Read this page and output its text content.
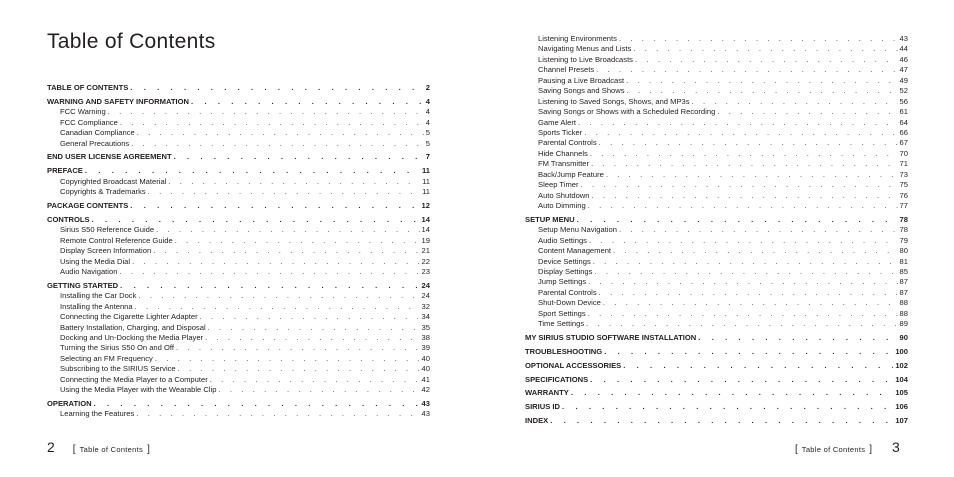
Table of Contents
TABLE OF CONTENTS . . .	2
WARNING AND SAFETY INFORMATION . . .	4
FCC Warning . . .	4
FCC Compliance . . .	4
Canadian Compliance . . .	5
General Precautions . . .	5
END USER LICENSE AGREEMENT . . .	7
PREFACE . . .	11
Copyrighted Broadcast Material . . .	11
Copyrights & Trademarks . . .	11
PACKAGE CONTENTS . . .	12
CONTROLS . . .	14
Sirius S50 Reference Guide . . .	14
Remote Control Reference Guide . . .	19
Display Screen Information . . .	21
Using the Media Dial . . .	22
Audio Navigation . . .	23
GETTING STARTED . . .	24
Installing the Car Dock . . .	24
Installing the Antenna . . .	32
Connecting the Cigarette Lighter Adapter . . .	34
Battery Installation, Charging, and Disposal . . .	35
Docking and Un-Docking the Media Player . . .	38
Turning the Sirius S50 On and Off . . .	39
Selecting an FM Frequency . . .	40
Subscribing to the SIRIUS Service . . .	40
Connecting the Media Player to a Computer . . .	41
Using the Media Player with the Wearable Clip . . .	42
OPERATION . . .	43
Learning the Features . . .	43
Listening Environments . . .	43
Navigating Menus and Lists . . .	44
Listening to Live Broadcasts . . .	46
Channel Presets . . .	47
Pausing a Live Broadcast . . .	49
Saving Songs and Shows . . .	52
Listening to Saved Songs, Shows, and MP3s . . .	56
Saving Songs or Shows with a Scheduled Recording . . .	61
Game Alert . . .	64
Sports Ticker . . .	66
Parental Controls . . .	67
Hide Channels . . .	70
FM Transmitter . . .	71
Back/Jump Feature . . .	73
Sleep Timer . . .	75
Auto Shutdown . . .	76
Auto Dimming . . .	77
SETUP MENU . . .	78
Setup Menu Navigation . . .	78
Audio Settings . . .	79
Content Management . . .	80
Device Settings . . .	81
Display Settings . . .	85
Jump Settings . . .	87
Parental Controls . . .	87
Shut-Down Device . . .	88
Sport Settings . . .	88
Time Settings . . .	89
MY SIRIUS STUDIO SOFTWARE INSTALLATION . . .	90
TROUBLESHOOTING . . .	100
OPTIONAL ACCESSORIES . . .	102
SPECIFICATIONS . . .	104
WARRANTY . . .	105
SIRIUS ID . . .	106
INDEX . . .	107
2 [ Table of Contents ]	[ Table of Contents ] 3
